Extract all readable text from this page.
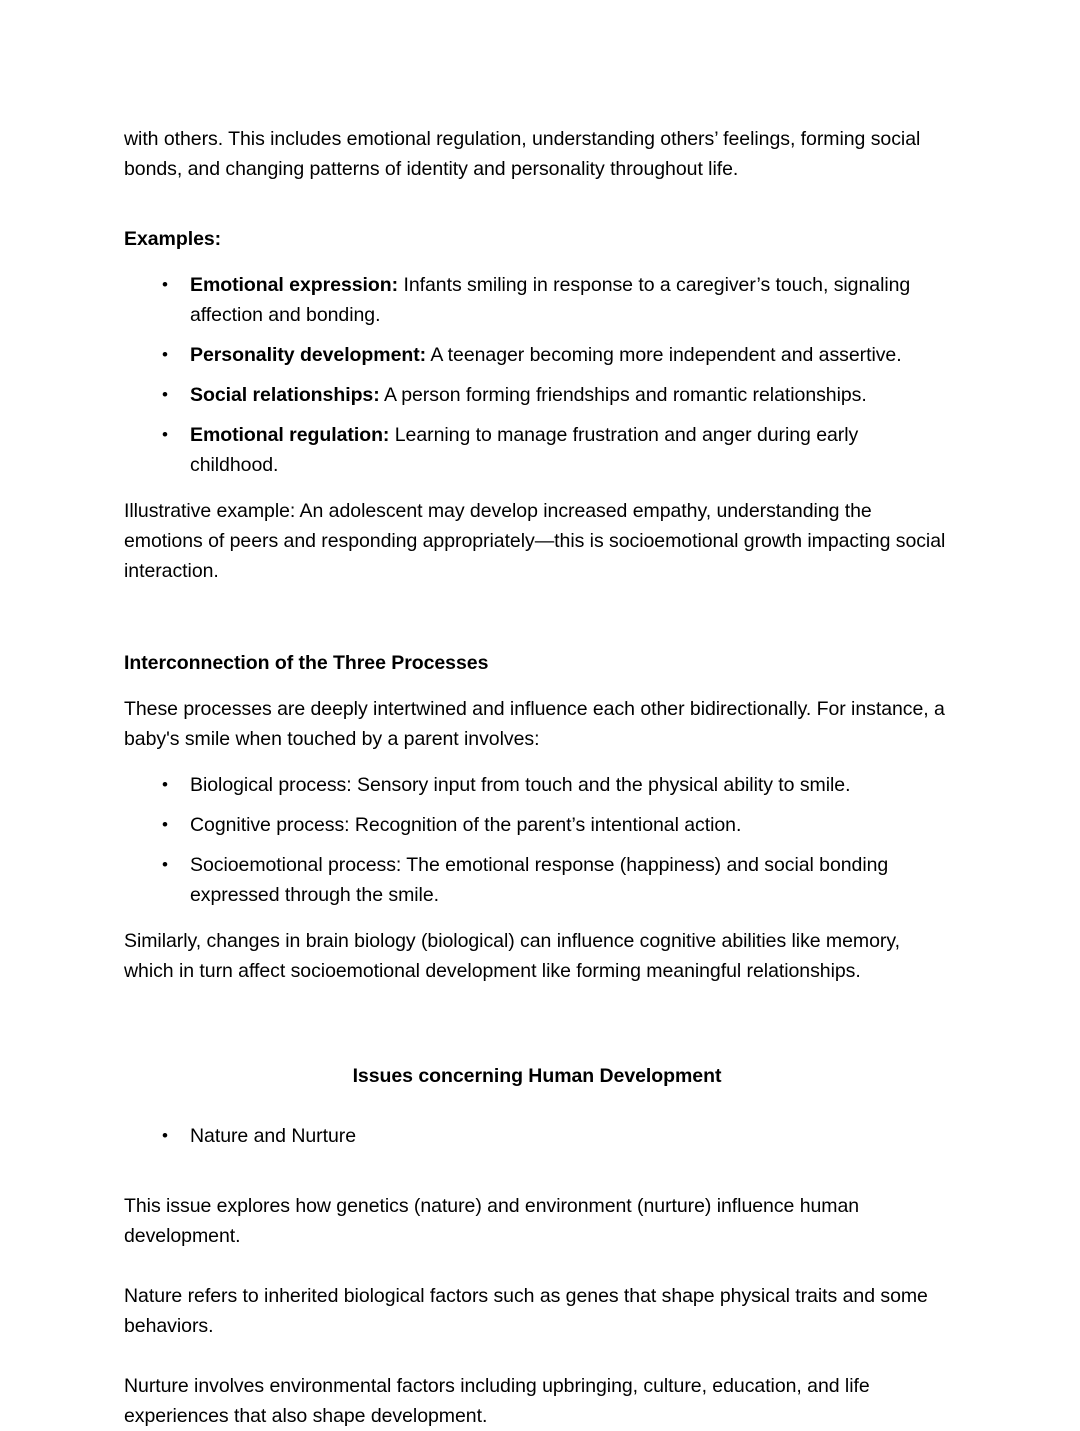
with others. This includes emotional regulation, understanding others’ feelings, forming social bonds, and changing patterns of identity and personality throughout life.

Examples:

• Emotional expression: Infants smiling in response to a caregiver’s touch, signaling affection and bonding.
• Personality development: A teenager becoming more independent and assertive.
• Social relationships: A person forming friendships and romantic relationships.
• Emotional regulation: Learning to manage frustration and anger during early childhood.

Illustrative example: An adolescent may develop increased empathy, understanding the emotions of peers and responding appropriately—this is socioemotional growth impacting social interaction.

Interconnection of the Three Processes

These processes are deeply intertwined and influence each other bidirectionally. For instance, a baby's smile when touched by a parent involves:

• Biological process: Sensory input from touch and the physical ability to smile.
• Cognitive process: Recognition of the parent’s intentional action.
• Socioemotional process: The emotional response (happiness) and social bonding expressed through the smile.

Similarly, changes in brain biology (biological) can influence cognitive abilities like memory, which in turn affect socioemotional development like forming meaningful relationships.

Issues concerning Human Development
• Nature and Nurture

This issue explores how genetics (nature) and environment (nurture) influence human development.

Nature refers to inherited biological factors such as genes that shape physical traits and some behaviors.

Nurture involves environmental factors including upbringing, culture, education, and life experiences that also shape development.
